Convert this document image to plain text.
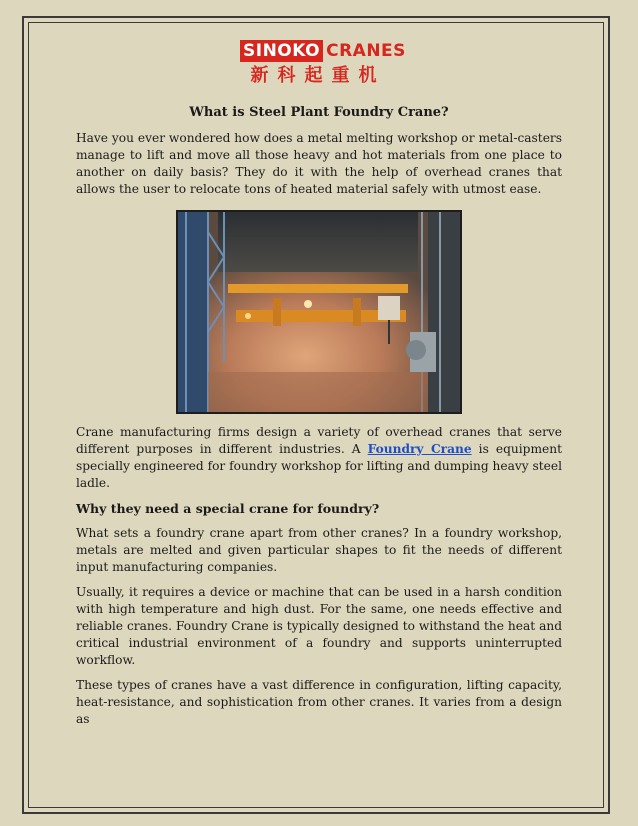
SINOKO CRANES
新科起重机
What is Steel Plant Foundry Crane?

Have you ever wondered how does a metal melting workshop or metal-casters manage to lift and move all those heavy and hot materials from one place to another on daily basis? They do it with the help of overhead cranes that allows the user to relocate tons of heated material safely with utmost ease.

Crane manufacturing firms design a variety of overhead cranes that serve different purposes in different industries. A Foundry Crane is equipment specially engineered for foundry workshop for lifting and dumping heavy steel ladle.

Why they need a special crane for foundry?

What sets a foundry crane apart from other cranes? In a foundry workshop, metals are melted and given particular shapes to fit the needs of different input manufacturing companies.

Usually, it requires a device or machine that can be used in a harsh condition with high temperature and high dust. For the same, one needs effective and reliable cranes. Foundry Crane is typically designed to withstand the heat and critical industrial environment of a foundry and supports uninterrupted workflow.

These types of cranes have a vast difference in configuration, lifting capacity, heat-resistance, and sophistication from other cranes. It varies from a design as
